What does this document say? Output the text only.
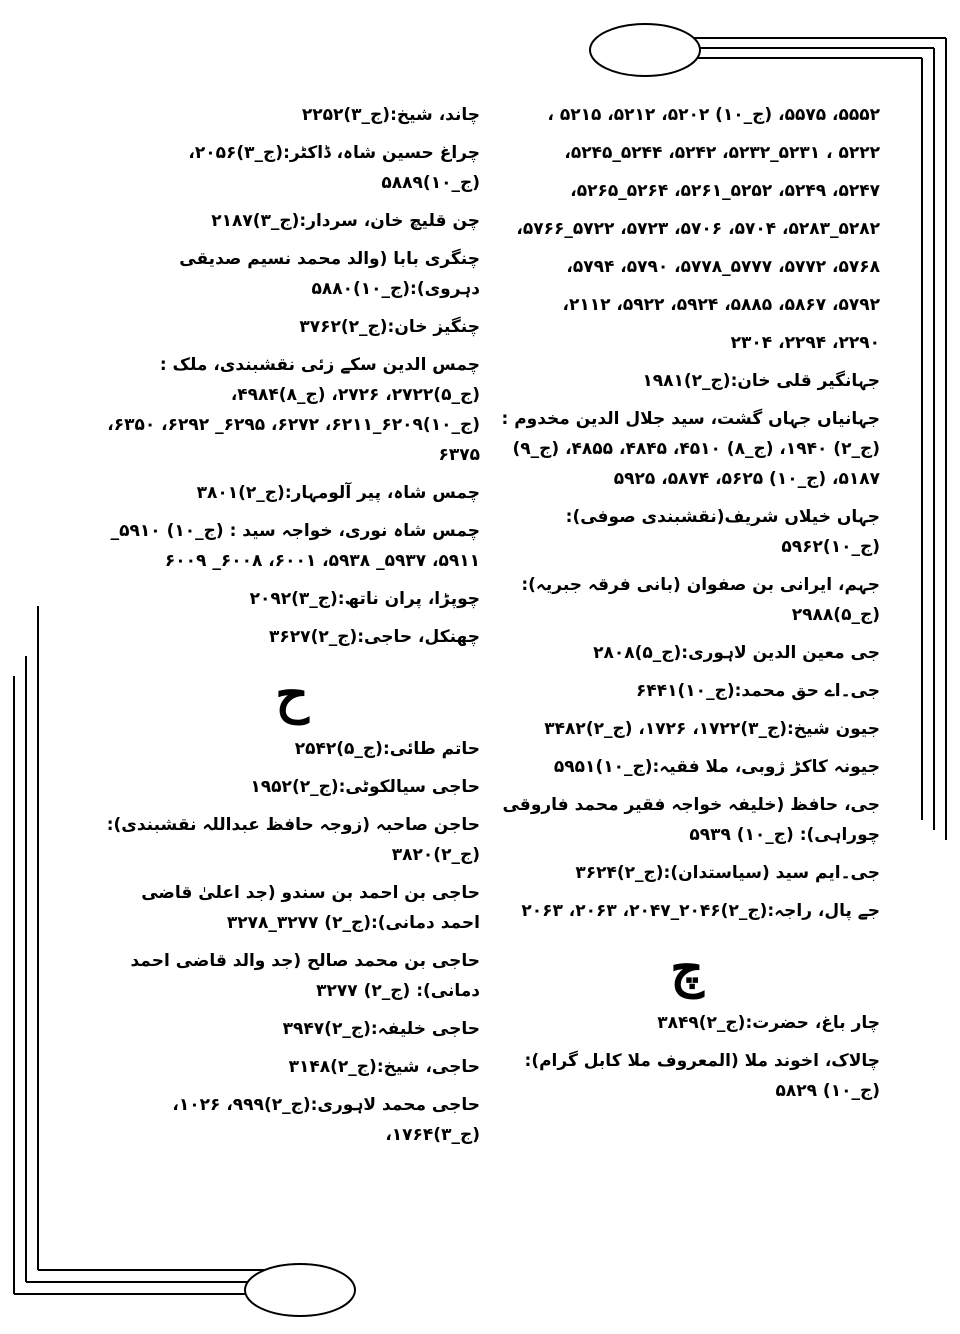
۵۵۵۲، ۵۵۷۵، (ج_۱۰) ۵۲۰۲، ۵۲۱۲، ۵۲۱۵ ،
۵۲۲۲ ، ۵۲۳۱_۵۲۳۲، ۵۲۴۲، ۵۲۴۴_۵۲۴۵،
۵۲۴۷، ۵۲۴۹، ۵۲۵۲_۵۲۶۱، ۵۲۶۴_۵۲۶۵،
۵۲۸۲_۵۲۸۳، ۵۷۰۴، ۵۷۰۶، ۵۷۲۳، ۵۷۲۲_۵۷۶۶،
۵۷۶۸، ۵۷۷۲، ۵۷۷۷_۵۷۷۸، ۵۷۹۰، ۵۷۹۴،
۵۷۹۲، ۵۸۶۷، ۵۸۸۵، ۵۹۲۴، ۵۹۲۲، ۲۱۱۲،
۲۲۹۰، ۲۲۹۴، ۲۳۰۴
جہانگیر قلی خان:(ج_۲)۱۹۸۱
جہانیاں جہاں گشت، سید جلال الدین مخدوم : (ج_۲) ۱۹۴۰، (ج_۸) ۴۵۱۰، ۴۸۴۵، ۴۸۵۵، (ج_۹) ۵۱۸۷، (ج_۱۰) ۵۶۲۵، ۵۸۷۴، ۵۹۲۵
جہاں خیلاں شریف(نقشبندی صوفی):(ج_۱۰)۵۹۶۲
جہم، ایرانی بن صفوان (بانی فرقہ جبریہ):(ج_۵)۲۹۸۸
جی معین الدین لاہوری:(ج_۵)۲۸۰۸
جی۔اے حق محمد:(ج_۱۰)۶۴۴۱
جیون شیخ:(ج_۳)۱۷۲۲، ۱۷۲۶، (ج_۲)۳۴۸۲
جیونہ کاکڑ ژوبی، ملا فقیہ:(ج_۱۰)۵۹۵۱
جی، حافظ (خلیفہ خواجہ فقیر محمد فاروقی چوراہی): (ج_۱۰) ۵۹۳۹
جی۔ایم سید (سیاستدان):(ج_۲)۳۶۲۴
جے پال، راجہ:(ج_۲)۲۰۴۶_۲۰۴۷، ۲۰۶۳، ۲۰۶۳
چ
چار باغ، حضرت:(ج_۲)۳۸۴۹
چالاک، اخوند ملا (المعروف ملا کابل گرام): (ج_۱۰) ۵۸۲۹
چاند، شیخ:(ج_۳)۲۲۵۲
چراغ حسین شاہ، ڈاکٹر:(ج_۳)۲۰۵۶، (ج_۱۰)۵۸۸۹
چن قلیچ خان، سردار:(ج_۳)۲۱۸۷
چنگری بابا (والد محمد نسیم صدیقی دہروی):(ج_۱۰)۵۸۸۰
چنگیز خان:(ج_۲)۳۷۶۲
چمس الدین سکے زئی نقشبندی، ملک : (ج_۵)۲۷۲۲، ۲۷۲۶، (ج_۸)۴۹۸۴، (ج_۱۰)۶۲۰۹_۶۲۱۱، ۶۲۷۲، ۶۲۹۵_ ۶۲۹۲، ۶۳۵۰، ۶۳۷۵
چمس شاہ، پیر آلومہار:(ج_۲)۳۸۰۱
چمس شاہ نوری، خواجہ سید : (ج_۱۰) ۵۹۱۰_ ۵۹۱۱، ۵۹۳۷_ ۵۹۳۸، ۶۰۰۱، ۶۰۰۸_ ۶۰۰۹
چوپڑا، پران ناتھ:(ج_۳)۲۰۹۲
چھنکل، حاجی:(ج_۲)۳۶۲۷
ح
حاتم طائی:(ج_۵)۲۵۴۲
حاجی سیالکوٹی:(ج_۲)۱۹۵۲
حاجن صاحبہ (زوجہ حافظ عبداللہ نقشبندی):(ج_۲)۳۸۲۰
حاجی بن احمد بن سندو (جد اعلیٰ قاضی احمد دمانی):(ج_۲) ۳۲۷۷_۳۲۷۸
حاجی بن محمد صالح (جد والد قاضی احمد دمانی): (ج_۲) ۳۲۷۷
حاجی خلیفہ:(ج_۲)۳۹۴۷
حاجی، شیخ:(ج_۲)۳۱۴۸
حاجی محمد لاہوری:(ج_۲)۹۹۹، ۱۰۲۶، (ج_۳)۱۷۶۴،
